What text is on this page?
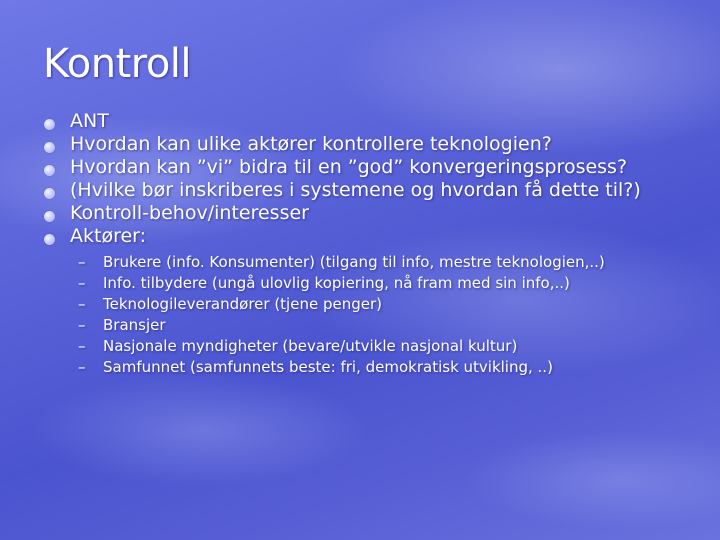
Kontroll
ANT
Hvordan kan ulike aktører kontrollere teknologien?
Hvordan kan ”vi” bidra til en ”god” konvergeringsprosess?
(Hvilke bør inskriberes i systemene og hvordan få dette til?)
Kontroll-behov/interesser
Aktører:
– Brukere (info. Konsumenter) (tilgang til info, mestre teknologien,..)
– Info. tilbydere (ungå ulovlig kopiering, nå fram med sin info,..)
– Teknologileverandører (tjene penger)
– Bransjer
– Nasjonale myndigheter (bevare/utvikle nasjonal kultur)
– Samfunnet (samfunnets beste: fri, demokratisk utvikling, ..)
